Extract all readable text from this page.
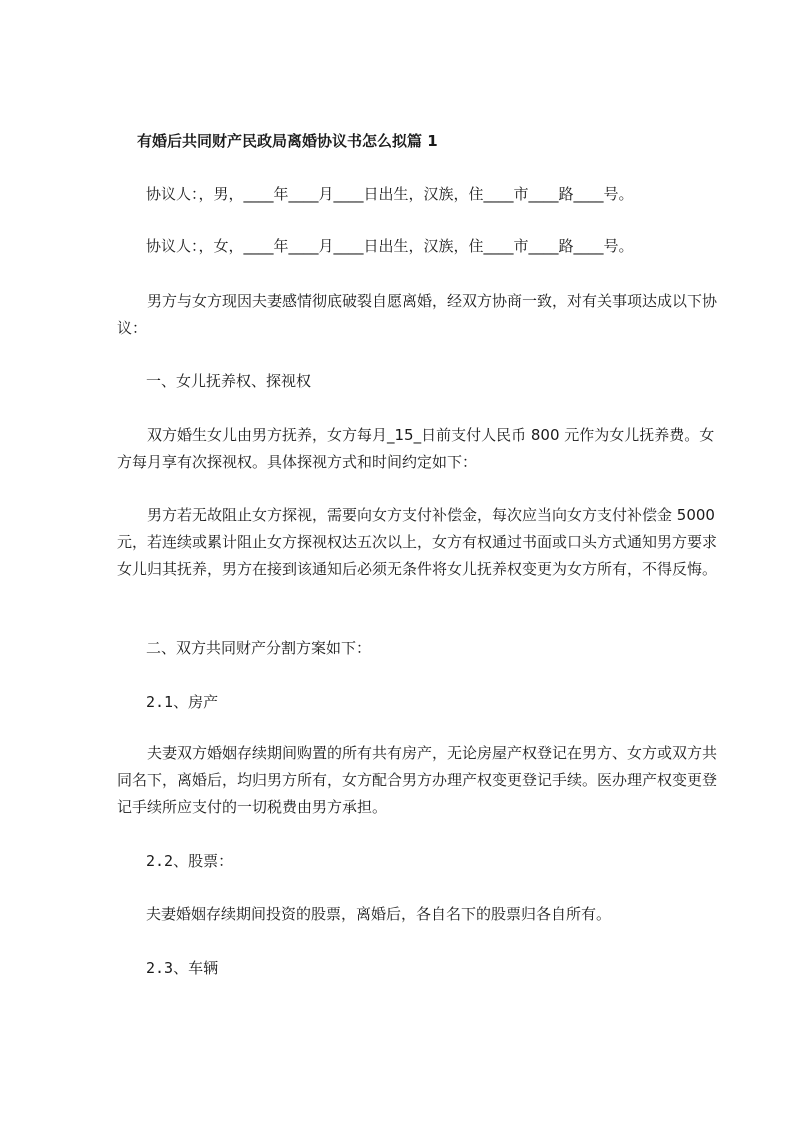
有婚后共同财产民政局离婚协议书怎么拟篇 1

协议人：，男，____年____月____日出生，汉族，住____市____路____号。

协议人：，女，____年____月____日出生，汉族，住____市____路____号。

男方与女方现因夫妻感情彻底破裂自愿离婚，经双方协商一致，对有关事项达成以下协议：

一、女儿抚养权、探视权

双方婚生女儿由男方抚养，女方每月_15_日前支付人民币 800 元作为女儿抚养费。女方每月享有次探视权。具体探视方式和时间约定如下：

男方若无故阻止女方探视，需要向女方支付补偿金，每次应当向女方支付补偿金 5000 元，若连续或累计阻止女方探视权达五次以上，女方有权通过书面或口头方式通知男方要求女儿归其抚养，男方在接到该通知后必须无条件将女儿抚养权变更为女方所有，不得反悔。

二、双方共同财产分割方案如下：

2.1、房产

夫妻双方婚姻存续期间购置的所有共有房产，无论房屋产权登记在男方、女方或双方共同名下，离婚后，均归男方所有，女方配合男方办理产权变更登记手续。医办理产权变更登记手续所应支付的一切税费由男方承担。

2.2、股票：

夫妻婚姻存续期间投资的股票，离婚后，各自名下的股票归各自所有。

2.3、车辆
